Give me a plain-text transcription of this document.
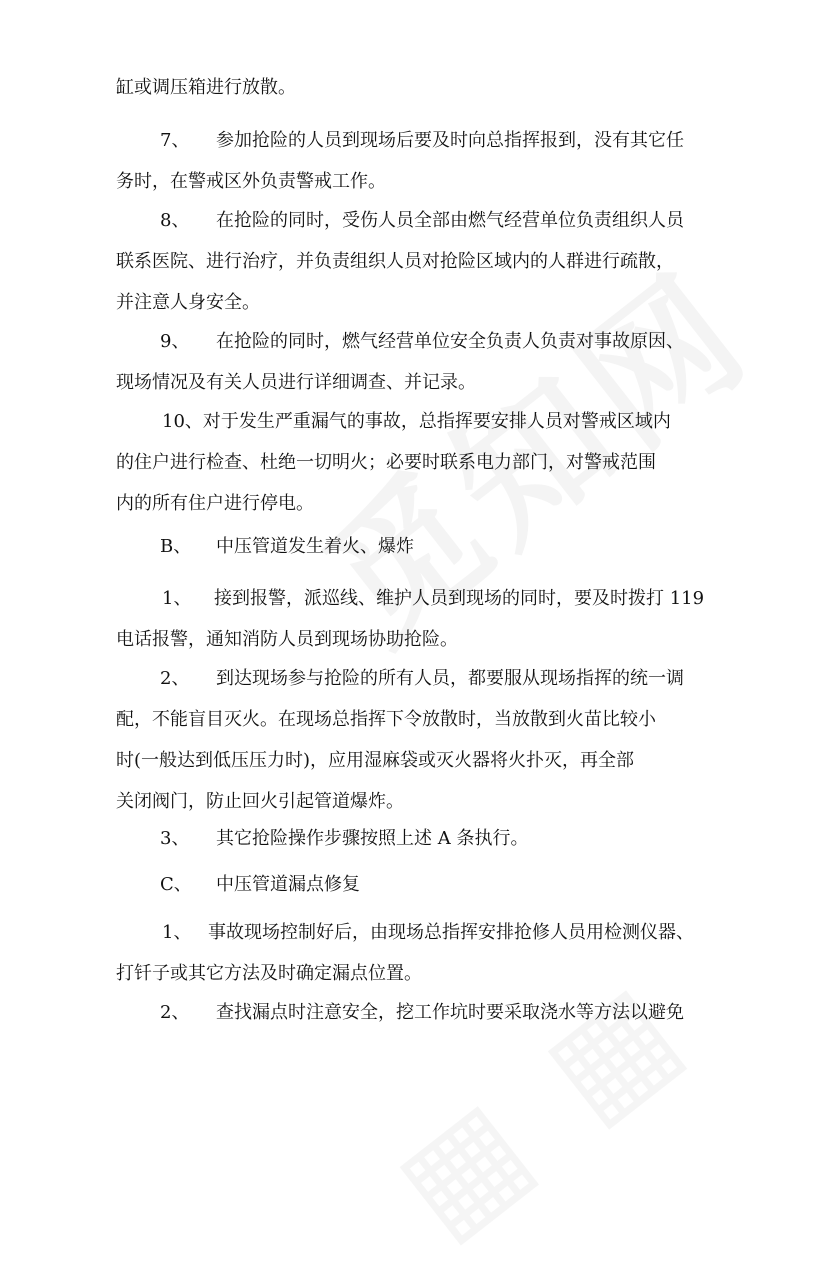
缸或调压箱进行放散。
7、 参加抢险的人员到现场后要及时向总指挥报到，没有其它任
务时，在警戒区外负责警戒工作。
8、 在抢险的同时，受伤人员全部由燃气经营单位负责组织人员
联系医院、进行治疗，并负责组织人员对抢险区域内的人群进行疏散，
并注意人身安全。
9、 在抢险的同时，燃气经营单位安全负责人负责对事故原因、
现场情况及有关人员进行详细调查、并记录。
10、对于发生严重漏气的事故，总指挥要安排人员对警戒区域内
的住户进行检查、杜绝一切明火；必要时联系电力部门，对警戒范围
内的所有住户进行停电。
B、 中压管道发生着火、爆炸
1、 接到报警，派巡线、维护人员到现场的同时，要及时拨打 119
电话报警，通知消防人员到现场协助抢险。
2、 到达现场参与抢险的所有人员，都要服从现场指挥的统一调
配，不能盲目灭火。在现场总指挥下令放散时，当放散到火苗比较小
时(一般达到低压压力时)，应用湿麻袋或灭火器将火扑灭，再全部
关闭阀门，防止回火引起管道爆炸。
3、 其它抢险操作步骤按照上述 A 条执行。
C、 中压管道漏点修复
1、 事故现场控制好后，由现场总指挥安排抢修人员用检测仪器、
打钎子或其它方法及时确定漏点位置。
2、 查找漏点时注意安全，挖工作坑时要采取浇水等方法以避免
